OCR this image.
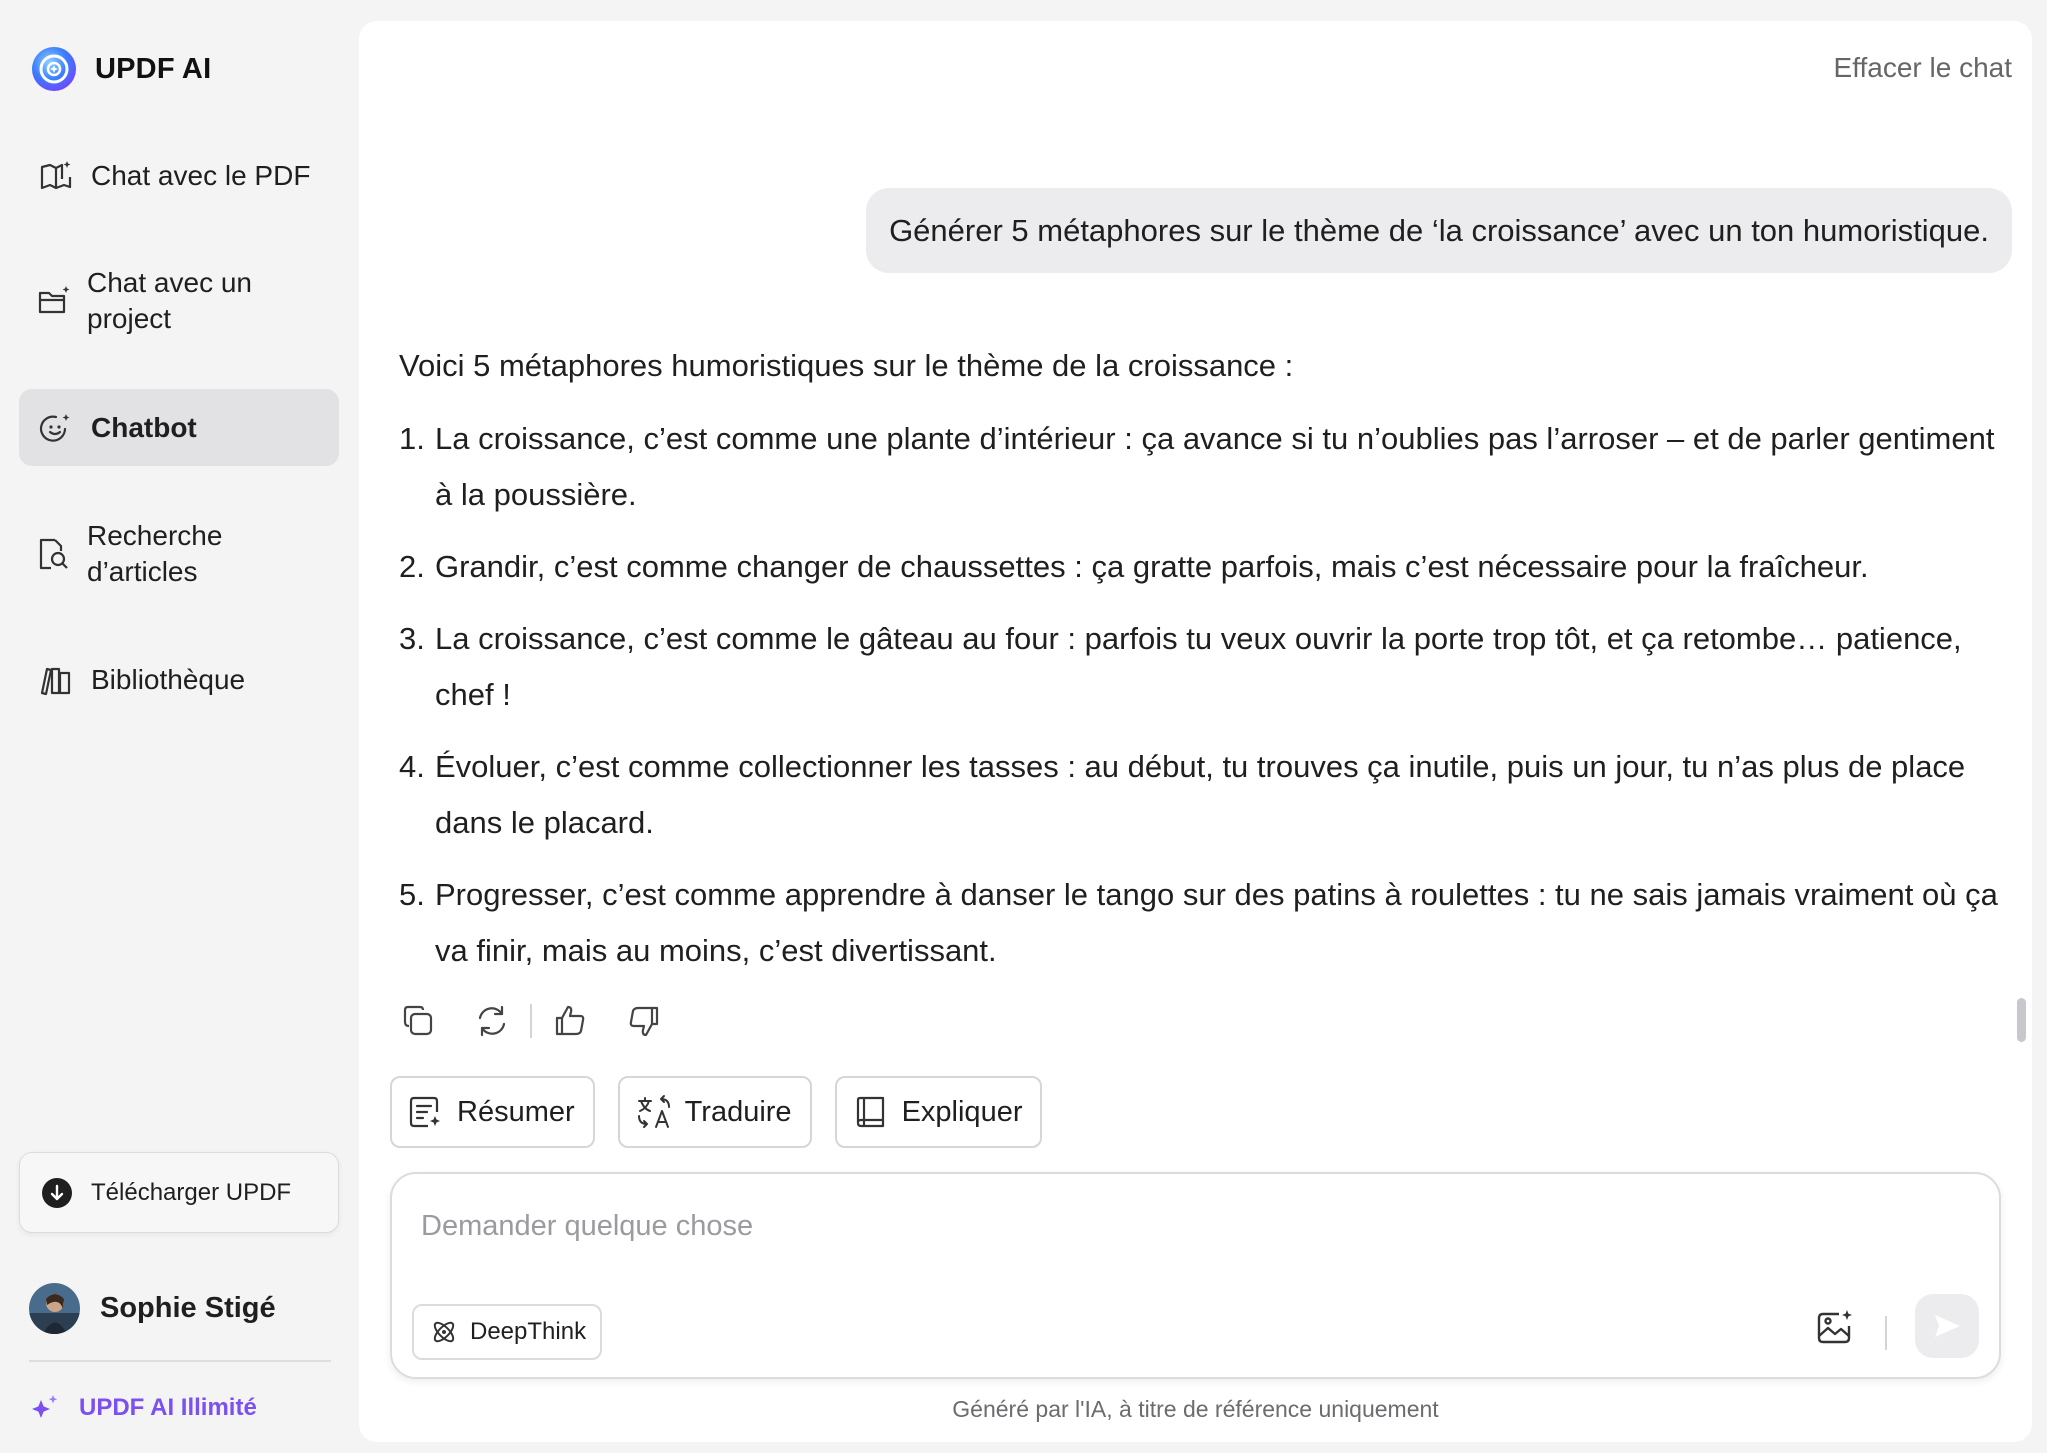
UPDF AI
Chat avec le PDF
Chat avec un
project
Chatbot
Recherche
d’articles
Bibliothèque
Télécharger UPDF
Sophie Stigé
UPDF AI Illimité
Effacer le chat
Générer 5 métaphores sur le thème de ‘la croissance’ avec un ton humoristique.

Voici 5 métaphores humoristiques sur le thème de la croissance :

1. La croissance, c’est comme une plante d’intérieur : ça avance si tu n’oublies pas l’arroser – et de parler gentiment à la poussière.
2. Grandir, c’est comme changer de chaussettes : ça gratte parfois, mais c’est nécessaire pour la fraîcheur.
3. La croissance, c’est comme le gâteau au four : parfois tu veux ouvrir la porte trop tôt, et ça retombe… patience, chef !
4. Évoluer, c’est comme collectionner les tasses : au début, tu trouves ça inutile, puis un jour, tu n’as plus de place dans le placard.
5. Progresser, c’est comme apprendre à danser le tango sur des patins à roulettes : tu ne sais jamais vraiment où ça va finir, mais au moins, c’est divertissant.
Résumer	Traduire	Expliquer
Demander quelque chose
DeepThink
Généré par l'IA, à titre de référence uniquement
